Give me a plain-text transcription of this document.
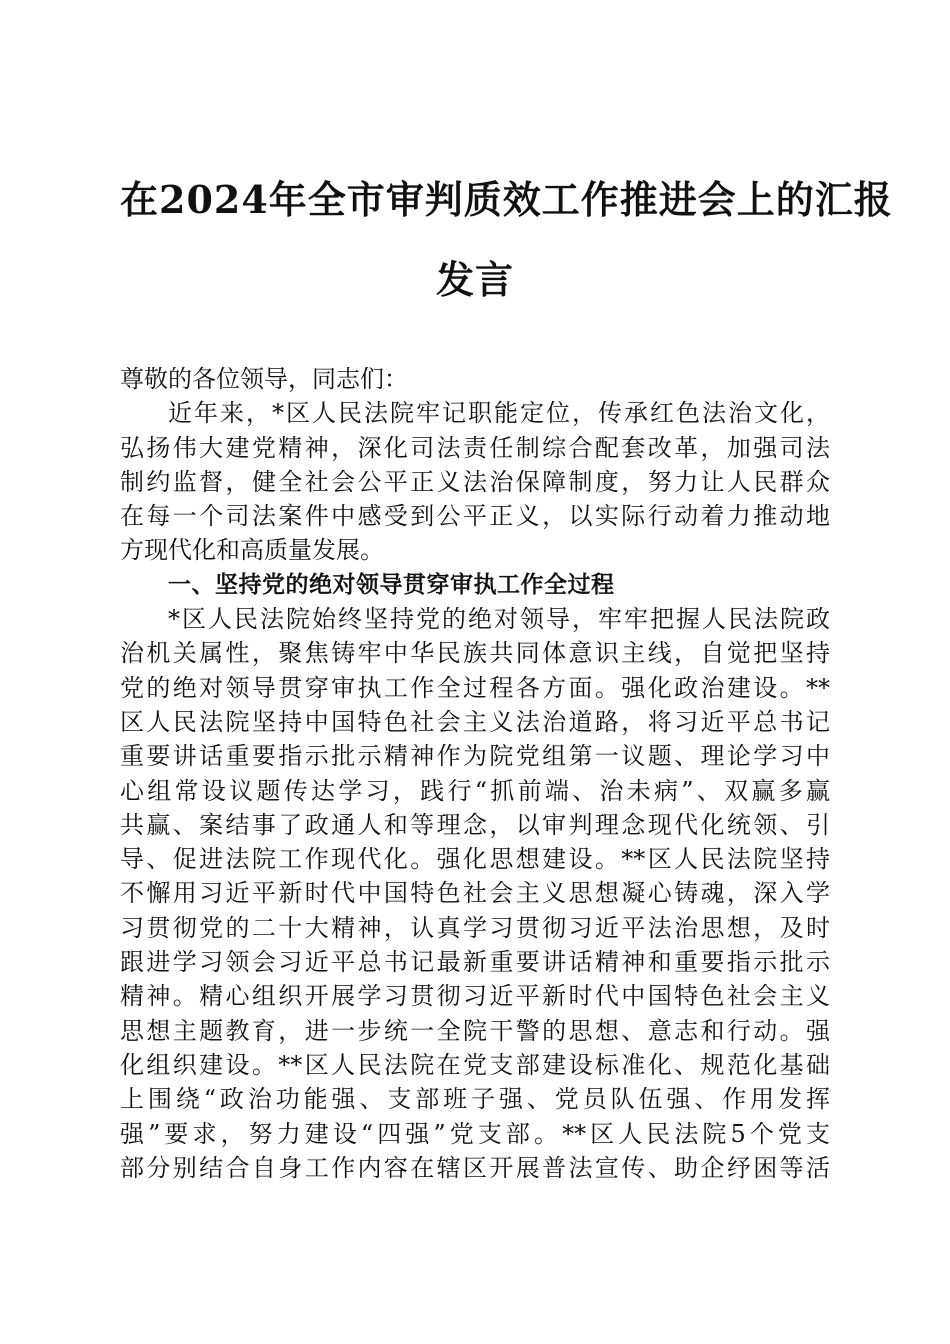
在2024年全市审判质效工作推进会上的汇报
发言
尊敬的各位领导，同志们：
近年来，*区人民法院牢记职能定位，传承红色法治文化，
弘扬伟大建党精神，深化司法责任制综合配套改革，加强司法
制约监督，健全社会公平正义法治保障制度，努力让人民群众
在每一个司法案件中感受到公平正义，以实际行动着力推动地
方现代化和高质量发展。
一、坚持党的绝对领导贯穿审执工作全过程
*区人民法院始终坚持党的绝对领导，牢牢把握人民法院政
治机关属性，聚焦铸牢中华民族共同体意识主线，自觉把坚持
党的绝对领导贯穿审执工作全过程各方面。强化政治建设。**
区人民法院坚持中国特色社会主义法治道路，将习近平总书记
重要讲话重要指示批示精神作为院党组第一议题、理论学习中
心组常设议题传达学习，践行“抓前端、治未病”、双赢多赢
共赢、案结事了政通人和等理念，以审判理念现代化统领、引
导、促进法院工作现代化。强化思想建设。**区人民法院坚持
不懈用习近平新时代中国特色社会主义思想凝心铸魂，深入学
习贯彻党的二十大精神，认真学习贯彻习近平法治思想，及时
跟进学习领会习近平总书记最新重要讲话精神和重要指示批示
精神。精心组织开展学习贯彻习近平新时代中国特色社会主义
思想主题教育，进一步统一全院干警的思想、意志和行动。强
化组织建设。**区人民法院在党支部建设标准化、规范化基础
上围绕“政治功能强、支部班子强、党员队伍强、作用发挥
强”要求，努力建设“四强”党支部。**区人民法院5个党支
部分别结合自身工作内容在辖区开展普法宣传、助企纾困等活
